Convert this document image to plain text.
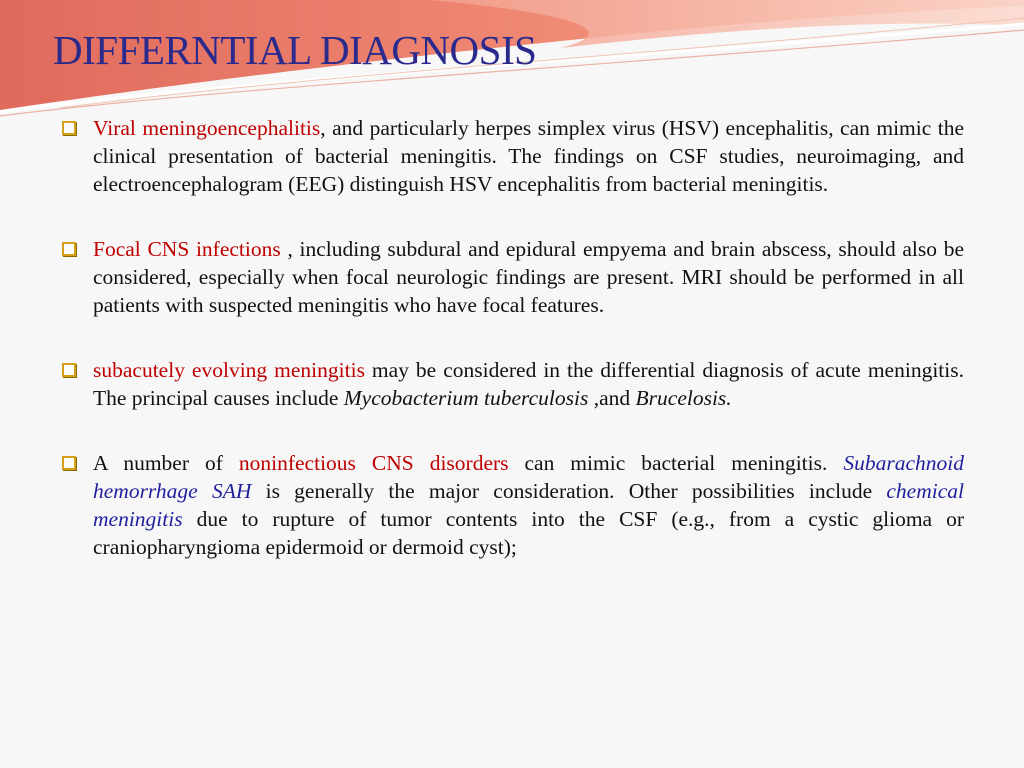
DIFFERNTIAL DIAGNOSIS
Viral meningoencephalitis, and particularly herpes simplex virus (HSV) encephalitis, can mimic the clinical presentation of bacterial meningitis. The findings on CSF studies, neuroimaging, and electroencephalogram (EEG) distinguish HSV encephalitis from bacterial meningitis.
Focal CNS infections , including subdural and epidural empyema and brain abscess, should also be considered, especially when focal neurologic findings are present. MRI should be performed in all patients with suspected meningitis who have focal features.
subacutely evolving meningitis may be considered in the differential diagnosis of acute meningitis. The principal causes include Mycobacterium tuberculosis ,and Brucelosis.
A number of noninfectious CNS disorders can mimic bacterial meningitis. Subarachnoid hemorrhage SAH is generally the major consideration. Other possibilities include chemical meningitis due to rupture of tumor contents into the CSF (e.g., from a cystic glioma or craniopharyngioma epidermoid or dermoid cyst);
